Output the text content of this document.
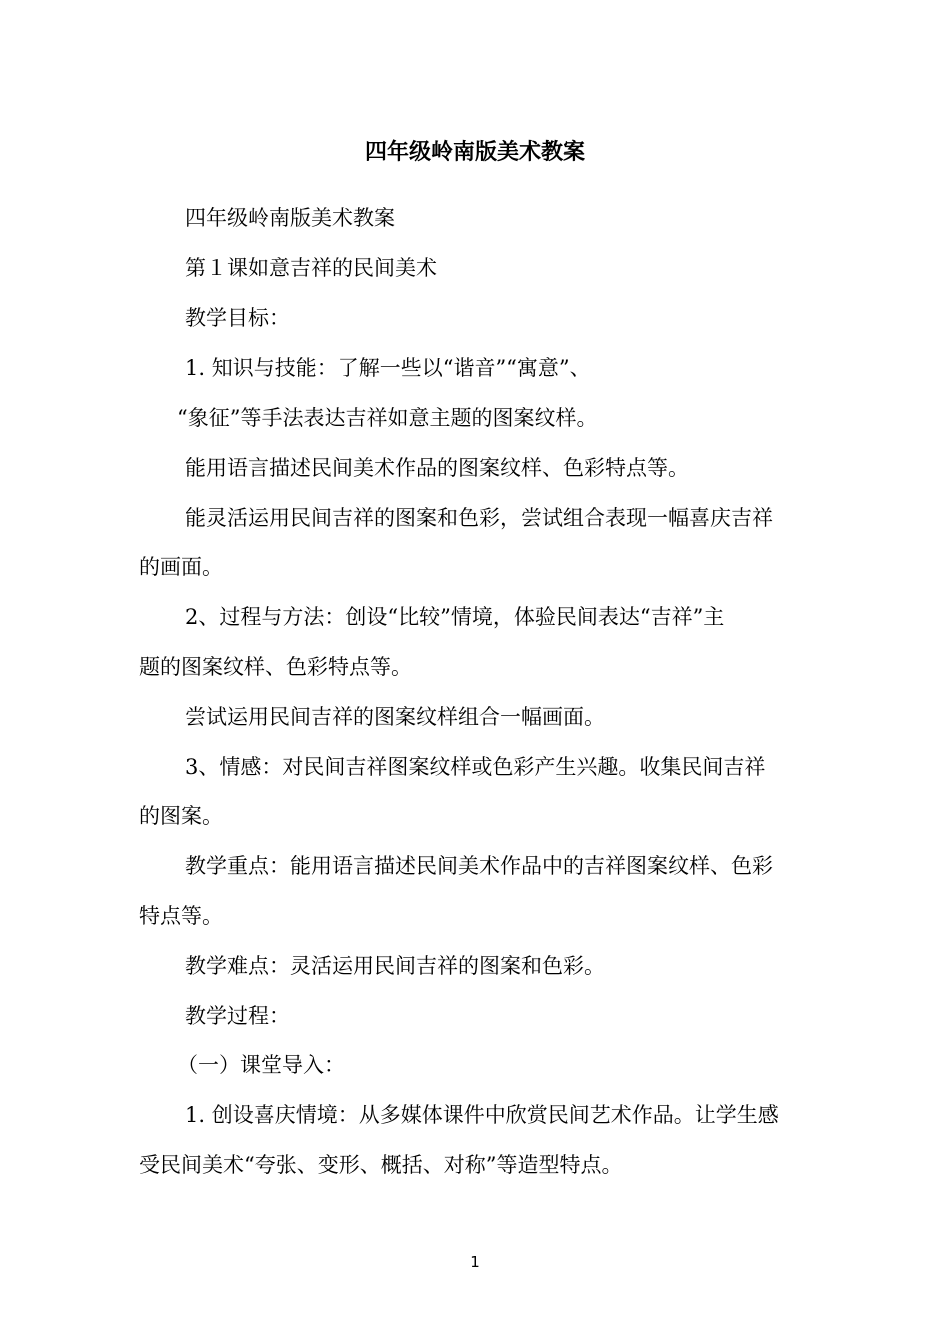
四年级岭南版美术教案
四年级岭南版美术教案
第１课如意吉祥的民间美术
教学目标：
1. 知识与技能：了解一些以“谐音”“寓意”、
“象征”等手法表达吉祥如意主题的图案纹样。
能用语言描述民间美术作品的图案纹样、色彩特点等。
能灵活运用民间吉祥的图案和色彩，尝试组合表现一幅喜庆吉祥
的画面。
2、过程与方法：创设“比较”情境，体验民间表达“吉祥”主
题的图案纹样、色彩特点等。
尝试运用民间吉祥的图案纹样组合一幅画面。
3、情感：对民间吉祥图案纹样或色彩产生兴趣。收集民间吉祥
的图案。
教学重点：能用语言描述民间美术作品中的吉祥图案纹样、色彩
特点等。
教学难点：灵活运用民间吉祥的图案和色彩。
教学过程：
（一）课堂导入：
1. 创设喜庆情境：从多媒体课件中欣赏民间艺术作品。让学生感
受民间美术“夸张、变形、概括、对称”等造型特点。
1
